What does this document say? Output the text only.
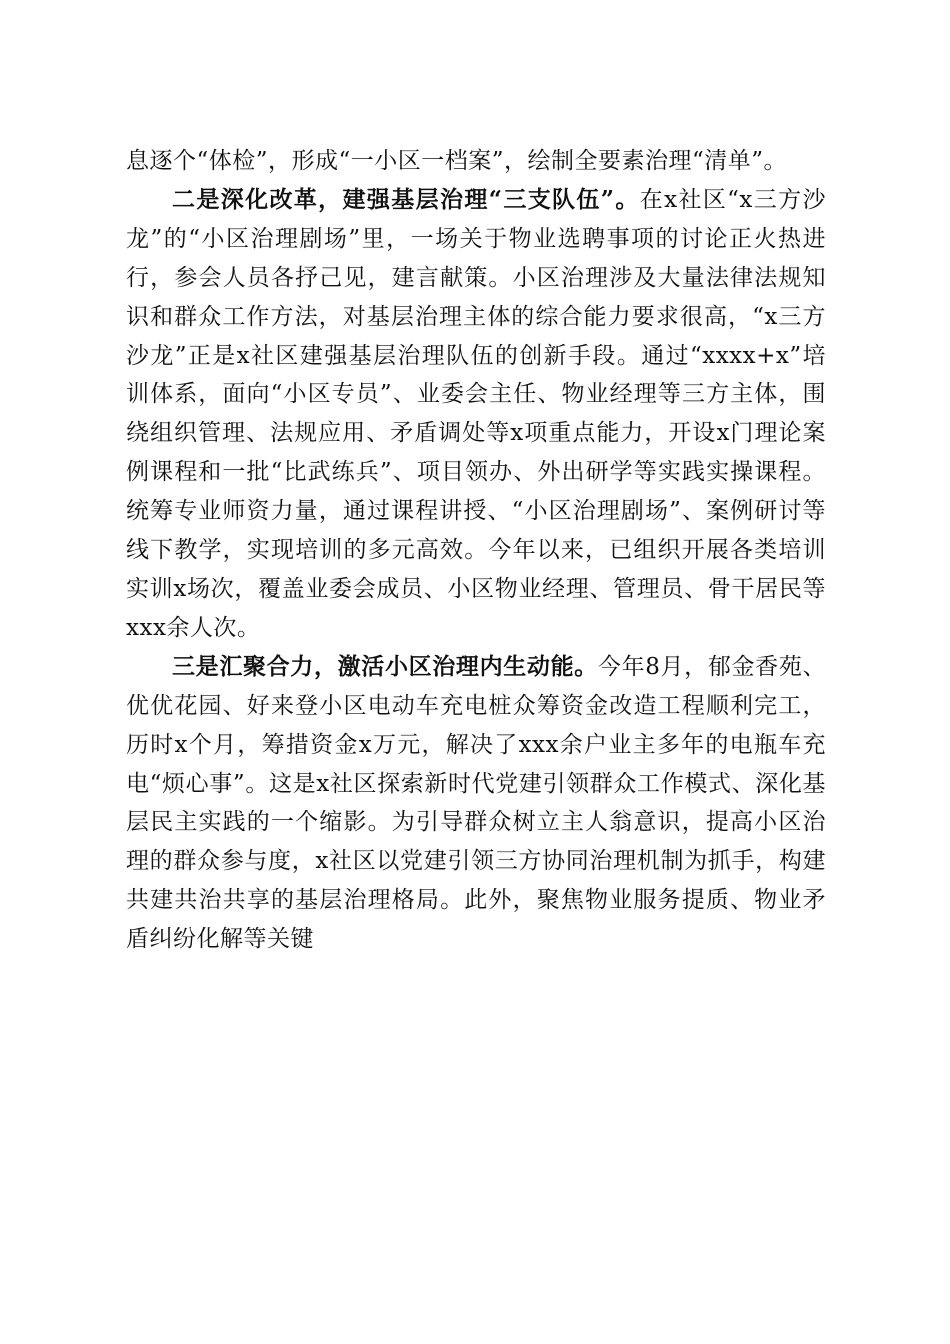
息逐个“体检”，形成“一小区一档案”，绘制全要素治理“清单”。

二是深化改革，建强基层治理“三支队伍”。在x社区“x三方沙龙”的“小区治理剧场”里，一场关于物业选聘事项的讨论正火热进行，参会人员各抒己见，建言献策。小区治理涉及大量法律法规知识和群众工作方法，对基层治理主体的综合能力要求很高，“x三方沙龙”正是x社区建强基层治理队伍的创新手段。通过“xxxx+x”培训体系，面向“小区专员”、业委会主任、物业经理等三方主体，围绕组织管理、法规应用、矛盾调处等x项重点能力，开设x门理论案例课程和一批“比武练兵”、项目领办、外出研学等实践实操课程。统筹专业师资力量，通过课程讲授、“小区治理剧场”、案例研讨等线下教学，实现培训的多元高效。今年以来，已组织开展各类培训实训x场次，覆盖业委会成员、小区物业经理、管理员、骨干居民等xxx余人次。

三是汇聚合力，激活小区治理内生动能。今年8月，郁金香苑、优优花园、好来登小区电动车充电桩众筹资金改造工程顺利完工，历时x个月，筹措资金x万元，解决了xxx余户业主多年的电瓶车充电“烦心事”。这是x社区探索新时代党建引领群众工作模式、深化基层民主实践的一个缩影。为引导群众树立主人翁意识，提高小区治理的群众参与度，x社区以党建引领三方协同治理机制为抓手，构建共建共治共享的基层治理格局。此外，聚焦物业服务提质、物业矛盾纠纷化解等关键
